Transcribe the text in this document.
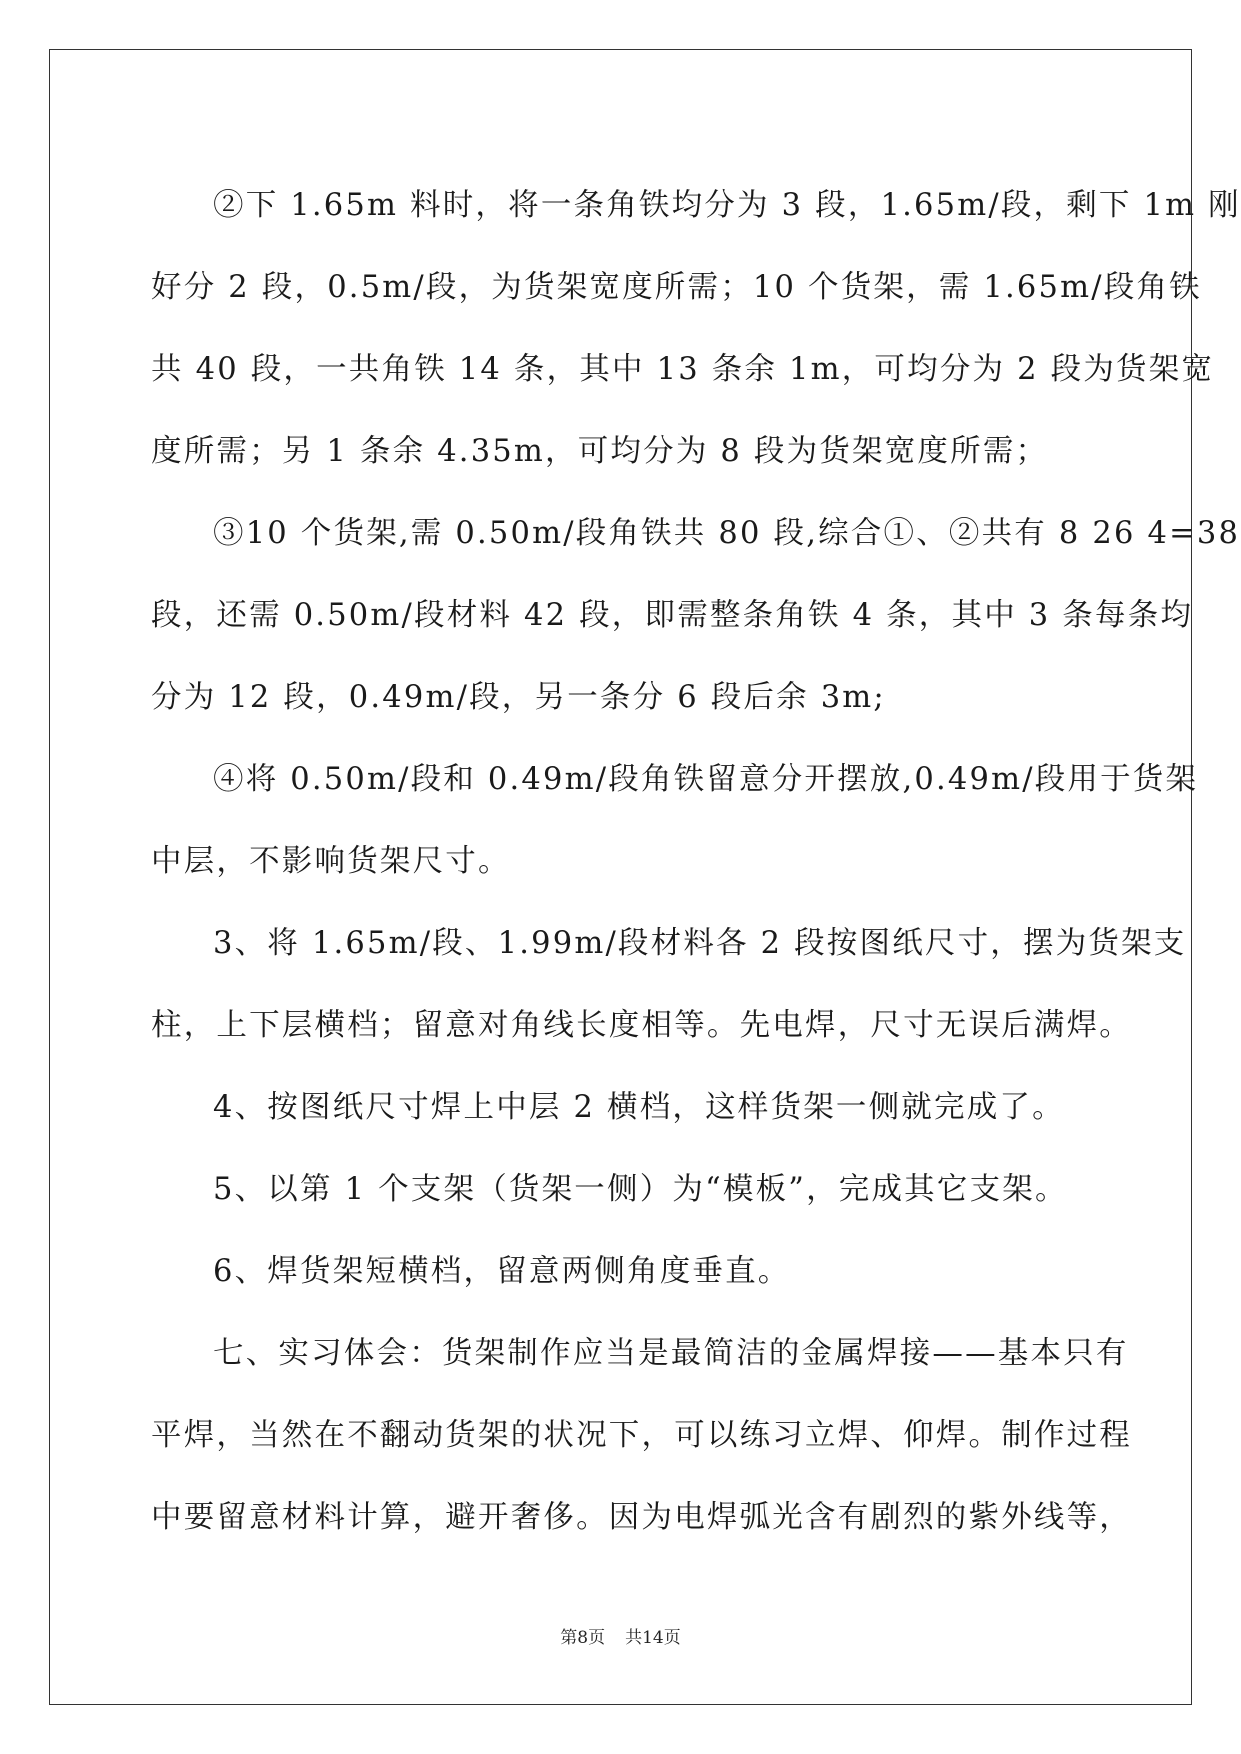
②下 1.65m 料时，将一条角铁均分为 3 段，1.65m/段，剩下 1m 刚
好分 2 段，0.5m/段，为货架宽度所需；10 个货架，需 1.65m/段角铁
共 40 段，一共角铁 14 条，其中 13 条余 1m，可均分为 2 段为货架宽
度所需；另 1 条余 4.35m，可均分为 8 段为货架宽度所需；
③10 个货架,需 0.50m/段角铁共 80 段,综合①、②共有 8 26 4=38
段，还需 0.50m/段材料 42 段，即需整条角铁 4 条，其中 3 条每条均
分为 12 段，0.49m/段，另一条分 6 段后余 3m;
④将 0.50m/段和 0.49m/段角铁留意分开摆放,0.49m/段用于货架
中层，不影响货架尺寸。
3、将 1.65m/段、1.99m/段材料各 2 段按图纸尺寸，摆为货架支
柱，上下层横档；留意对角线长度相等。先电焊，尺寸无误后满焊。
4、按图纸尺寸焊上中层 2 横档，这样货架一侧就完成了。
5、以第 1 个支架（货架一侧）为“模板”，完成其它支架。
6、焊货架短横档，留意两侧角度垂直。
七、实习体会：货架制作应当是最简洁的金属焊接——基本只有
平焊，当然在不翻动货架的状况下，可以练习立焊、仰焊。制作过程
中要留意材料计算，避开奢侈。因为电焊弧光含有剧烈的紫外线等，

第8页 共14页
